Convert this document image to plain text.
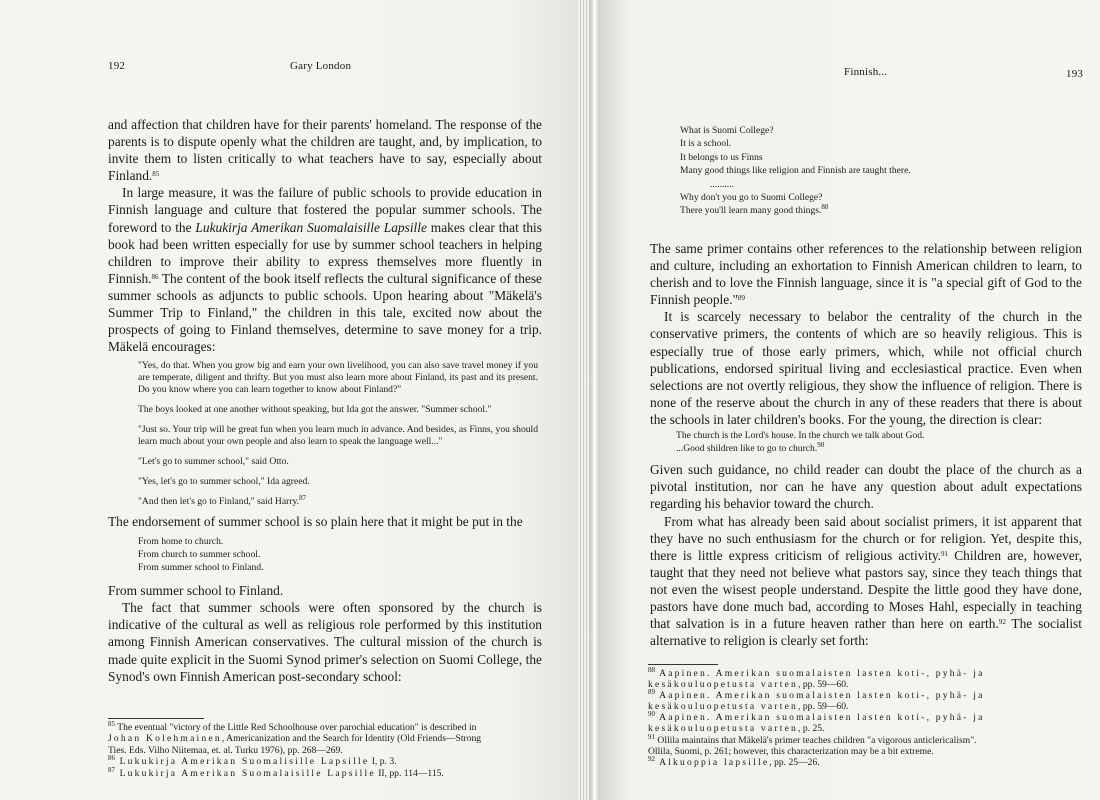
192	Gary London

and affection that children have for their parents' homeland. The response of the parents is to dispute openly what the children are taught, and, by implication, to invite them to listen critically to what teachers have to say, especially about Finland.$^{85}$

In large measure, it was the failure of public schools to provide education in Finnish language and culture that fostered the popular summer schools. The foreword to the Lukukirja Amerikan Suomalaisille Lapsille makes clear that this book had been written especially for use by summer school teachers in helping children to improve their ability to express themselves more fluently in Finnish.$^{86}$ The content of the book itself reflects the cultural significance of these summer schools as adjuncts to public schools. Upon hearing about "Mäkelä's Summer Trip to Finland," the children in this tale, excited now about the prospects of going to Finland themselves, determine to save money for a trip. Mäkelä encourages:

"Yes, do that. When you grow big and earn your own livelihood, you can also save travel money if you are temperate, diligent and thrifty. But you must also learn more about Finland, its past and its present. Do you know where you can learn together to know about Finland?"

The boys looked at one another without speaking, but Ida got the answer. "Summer school."

"Just so. Your trip will be great fun when you learn much in advance. And besides, as Finns, you should learn much about your own people and also learn to speak the language well..."

"Let's go to summer school," said Otto.

"Yes, let's go to summer school," Ida agreed.

"And then let's go to Finland," said Harry.$^{87}$

The endorsement of summer school is so plain here that it might be put in the

From home to church.
From church to summer school.
From summer school to Finland.

From summer school to Finland.

The fact that summer schools were often sponsored by the church is indicative of the cultural as well as religious role performed by this institution among Finnish American conservatives. The cultural mission of the church is made quite explicit in the Suomi Synod primer's selection on Suomi College, the Synod's own Finnish American post-secondary school:

$^{85}$ The eventual "victory of the Little Red Schoolhouse over parochial education" is described in
Johan Kolehmainen, Americanization and the Search for Identity (Old Friends—Strong
Ties. Eds. Vilho Niitemaa, et. al. Turku 1976), pp. 268—269.
$^{86}$ Lukukirja Amerikan Suomalisille Lapsille I, p. 3.
$^{87}$ Lukukirja Amerikan Suomalaisille Lapsille II, pp. 114—115.
Finnish...	193
What is Suomi College?
It is a school.
It belongs to us Finns
Many good things like religion and Finnish are taught there.
..........
Why don't you go to Suomi College?
There you'll learn many good things.$^{88}$

The same primer contains other references to the relationship between religion and culture, including an exhortation to Finnish American children to learn, to cherish and to love the Finnish language, since it is "a special gift of God to the Finnish people."$^{89}$

It is scarcely necessary to belabor the centrality of the church in the conservative primers, the contents of which are so heavily religious. This is especially true of those early primers, which, while not official church publications, endorsed spiritual living and ecclesiastical practice. Even when selections are not overtly religious, they show the influence of religion. There is none of the reserve about the church in any of these readers that there is about the schools in later children's books. For the young, the direction is clear:

The church is the Lord's house. In the church we talk about God.
...Good shildren like to go to church.$^{90}$

Given such guidance, no child reader can doubt the place of the church as a pivotal institution, nor can he have any question about adult expectations regarding his behavior toward the church.

From what has already been said about socialist primers, it ist apparent that they have no such enthusiasm for the church or for religion. Yet, despite this, there is little express criticism of religious activity.$^{91}$ Children are, however, taught that they need not believe what pastors say, since they teach things that not even the wisest people understand. Despite the little good they have done, pastors have done much bad, according to Moses Hahl, especially in teaching that salvation is in a future heaven rather than here on earth.$^{92}$ The socialist alternative to religion is clearly set forth:

$^{88}$ Aapinen. Amerikan suomalaisten lasten koti-, pyhä- ja
kesäkouluopetusta varten, pp. 59—60.
$^{89}$ Aapinen. Amerikan suomalaisten lasten koti-, pyhä- ja
kesäkouluopetusta varten, pp. 59—60.
$^{90}$ Aapinen. Amerikan suomalaisten lasten koti-, pyhä- ja
kesäkouluopetusta varten, p. 25.
$^{91}$ Ollila maintains that Mäkelä's primer teaches children "a vigorous anticlericalism".
Ollila, Suomi, p. 261; however, this characterization may be a bit extreme.
$^{92}$ Alkuoppia lapsille, pp. 25—26.
